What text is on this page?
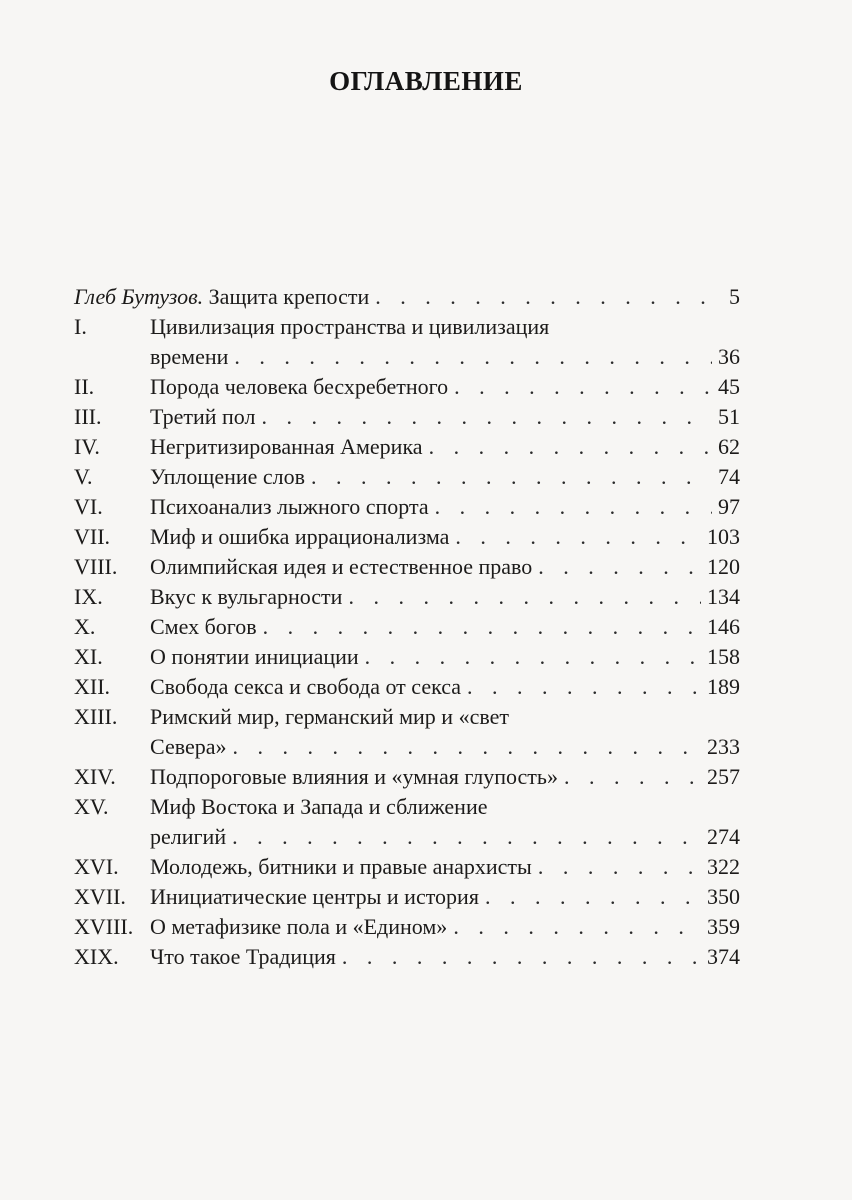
ОГЛАВЛЕНИЕ
Глеб Бутузов. Защита крепости . . .	5
I.	Цивилизация пространства и цивилизация
времени . . .	36
II.	Порода человека бесхребетного . . .	45
III.	Третий пол . . .	51
IV.	Негритизированная Америка . . .	62
V.	Уплощение слов . . .	74
VI.	Психоанализ лыжного спорта . . .	97
VII.	Миф и ошибка иррационализма . . .	103
VIII.	Олимпийская идея и естественное право . . .	120
IX.	Вкус к вульгарности . . .	134
X.	Смех богов . . .	146
XI.	О понятии инициации . . .	158
XII.	Свобода секса и свобода от секса . . .	189
XIII.	Римский мир, германский мир и «свет
Севера» . . .	233
XIV.	Подпороговые влияния и «умная глупость» . . .	257
XV.	Миф Востока и Запада и сближение
религий . . .	274
XVI.	Молодежь, битники и правые анархисты . . .	322
XVII.	Инициатические центры и история . . .	350
XVIII. О метафизике пола и «Едином» . . .	359
XIX.	Что такое Традиция . . .	374
